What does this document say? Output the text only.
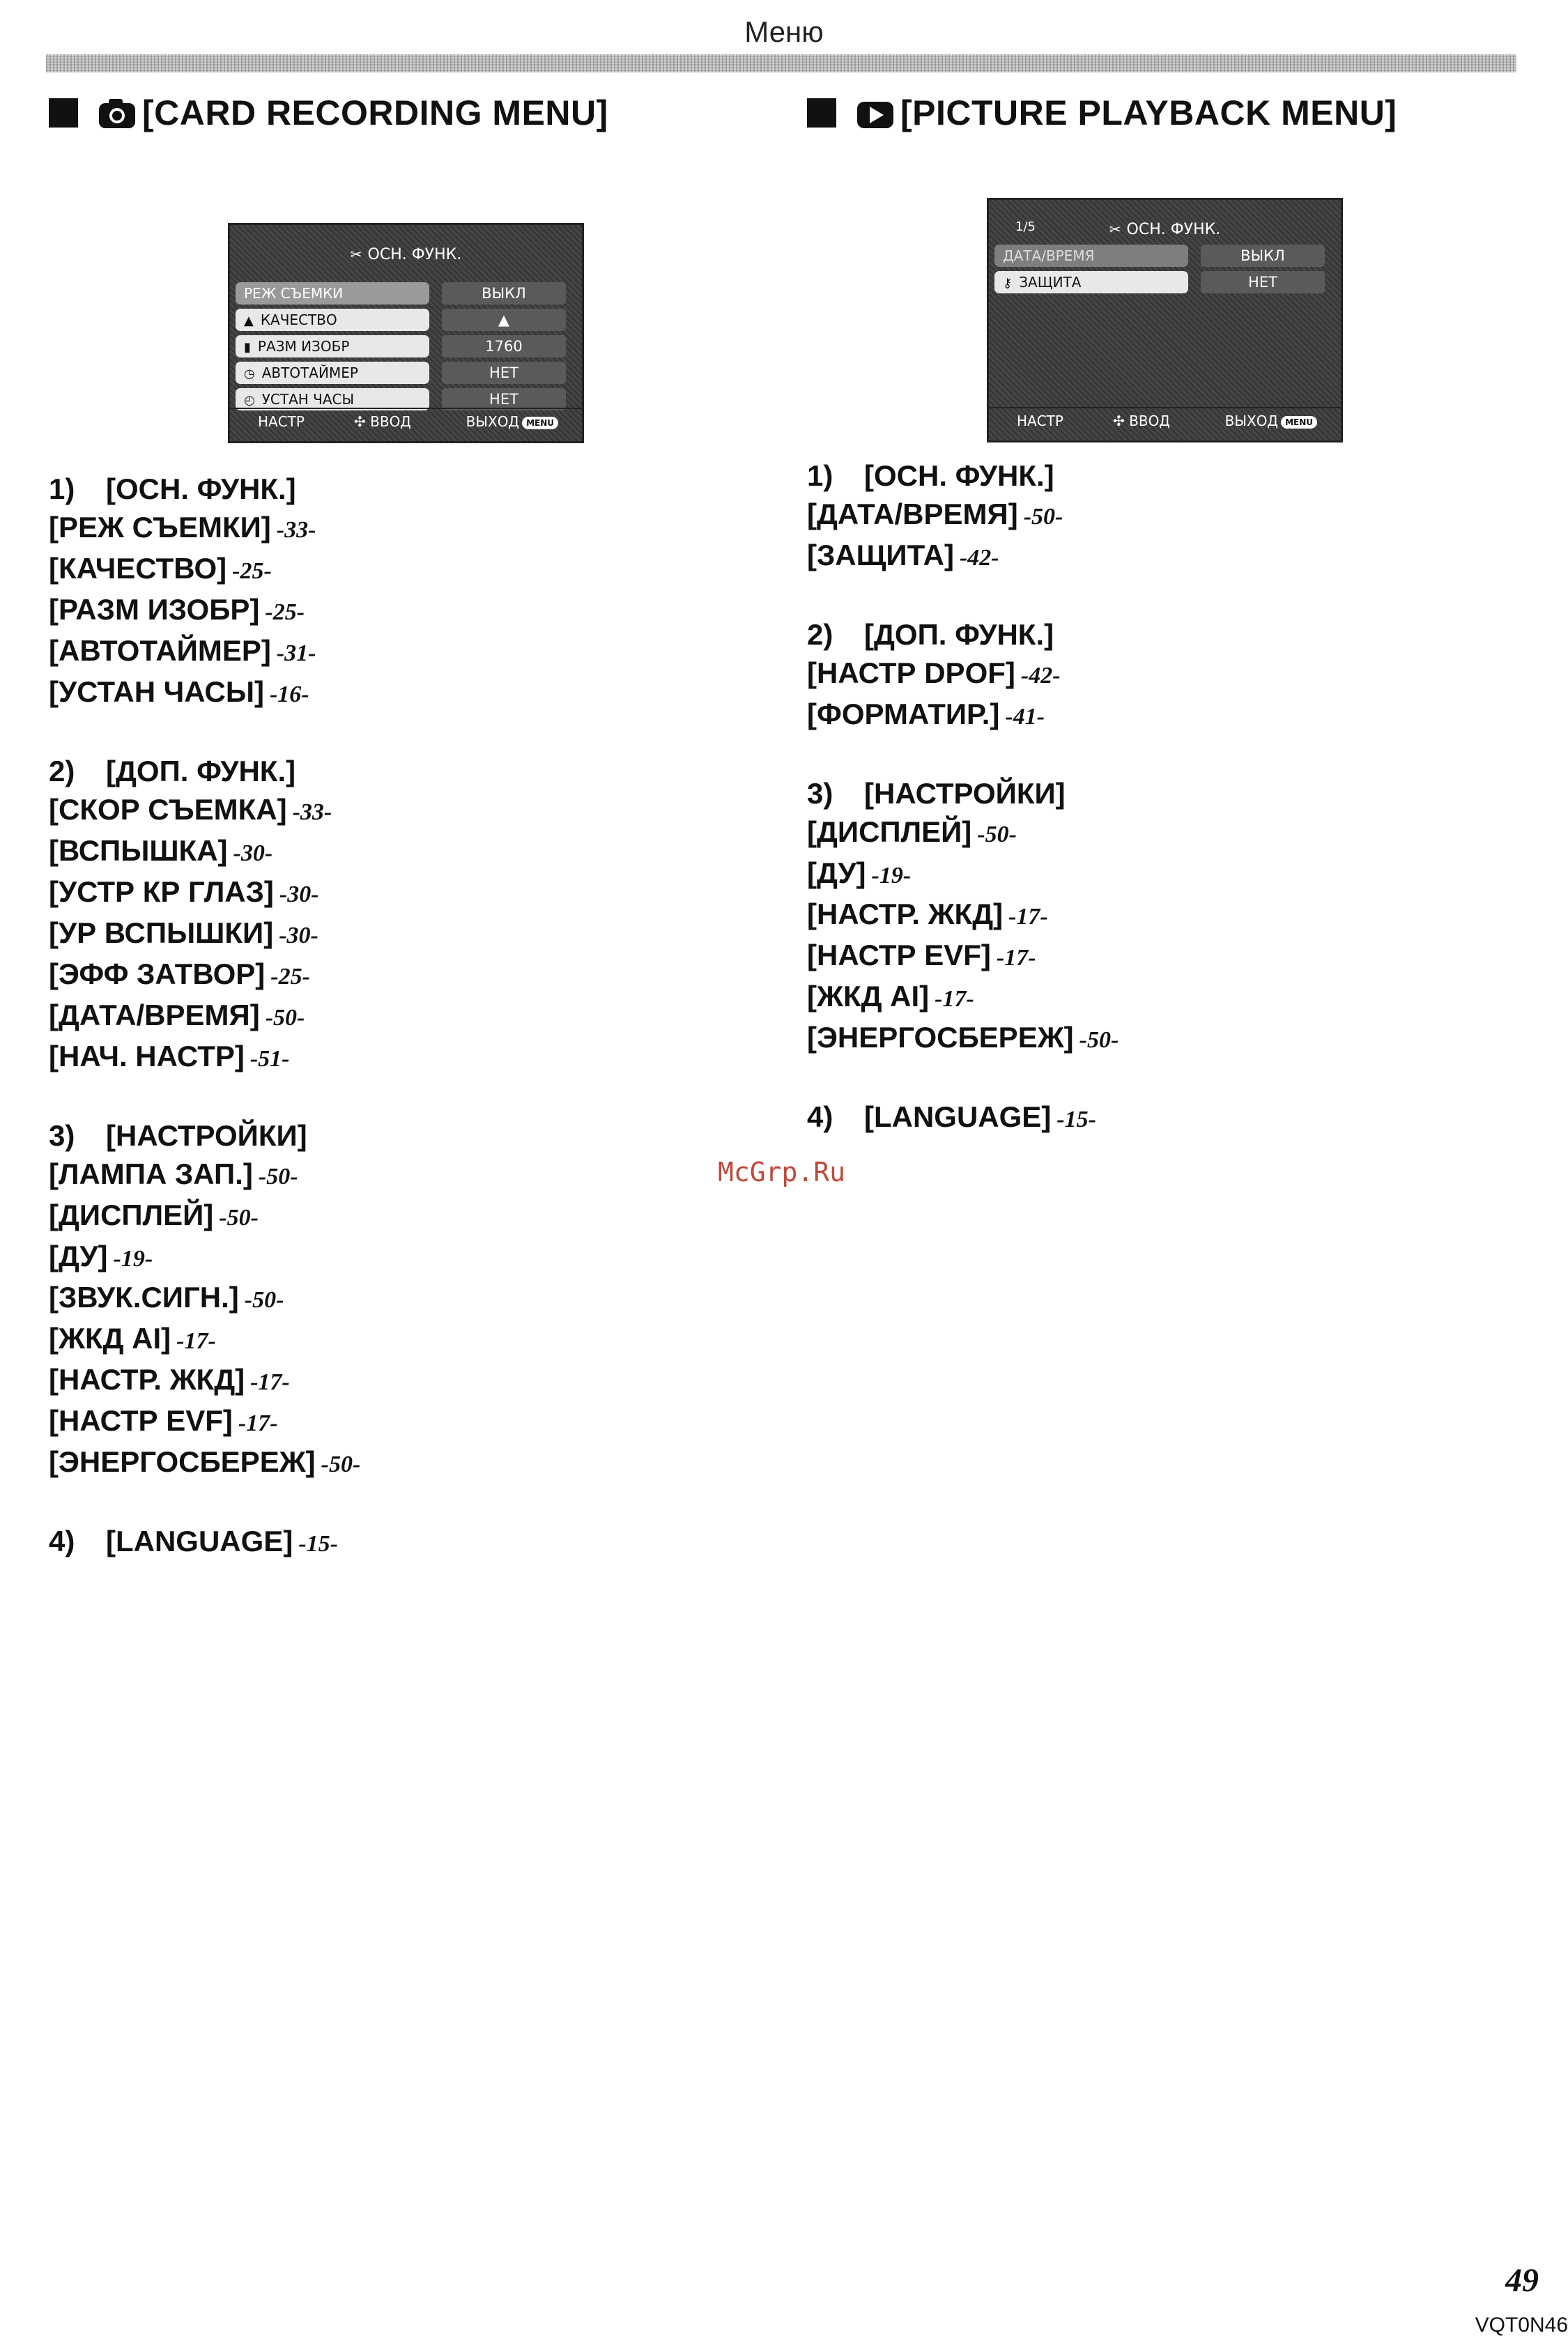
Меню
[CARD RECORDING MENU]
✂ ОСН. ФУНК.
РЕЖ СЪЕМКИ	ВЫКЛ
▲ КАЧЕСТВО	▲
▮ РАЗМ ИЗОБР	1760
◷ АВТОТАЙМЕР	НЕТ
◴ УСТАН ЧАСЫ	НЕТ
НАСТР	✣ ВВОД	ВЫХОД MENU
1) [ОСН. ФУНК.]
[РЕЖ СЪЕМКИ] -33-
[КАЧЕСТВО] -25-
[РАЗМ ИЗОБР] -25-
[АВТОТАЙМЕР] -31-
[УСТАН ЧАСЫ] -16-
2) [ДОП. ФУНК.]
[СКОР СЪЕМКА] -33-
[ВСПЫШКА] -30-
[УСТР КР ГЛАЗ] -30-
[УР ВСПЫШКИ] -30-
[ЭФФ ЗАТВОР] -25-
[ДАТА/ВРЕМЯ] -50-
[НАЧ. НАСТР] -51-
3) [НАСТРОЙКИ]
[ЛАМПА ЗАП.] -50-
[ДИСПЛЕЙ] -50-
[ДУ] -19-
[ЗВУК.СИГН.] -50-
[ЖКД AI] -17-
[НАСТР. ЖКД] -17-
[НАСТР EVF] -17-
[ЭНЕРГОСБЕРЕЖ] -50-
4) [LANGUAGE] -15-
[PICTURE PLAYBACK MENU]
1/5	✂ ОСН. ФУНК.
ДАТА/ВРЕМЯ	ВЫКЛ
⚷ ЗАЩИТА	НЕТ
НАСТР	✣ ВВОД	ВЫХОД MENU
1) [ОСН. ФУНК.]
[ДАТА/ВРЕМЯ] -50-
[ЗАЩИТА] -42-
2) [ДОП. ФУНК.]
[НАСТР DPOF] -42-
[ФОРМАТИР.] -41-
3) [НАСТРОЙКИ]
[ДИСПЛЕЙ] -50-
[ДУ] -19-
[НАСТР. ЖКД] -17-
[НАСТР EVF] -17-
[ЖКД AI] -17-
[ЭНЕРГОСБЕРЕЖ] -50-
4) [LANGUAGE] -15-
McGrp.Ru
49
VQT0N46
